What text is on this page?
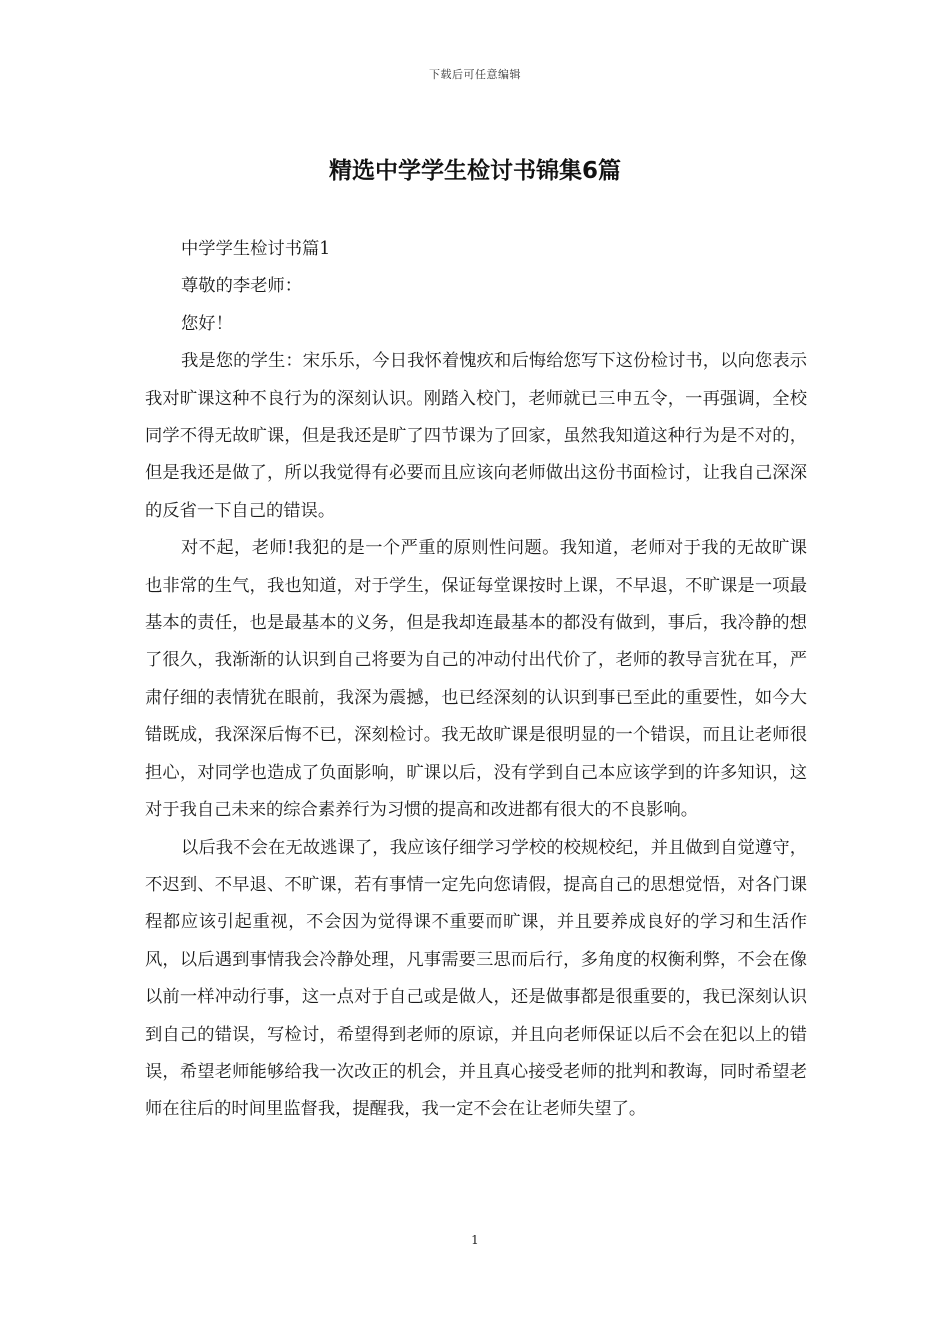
下载后可任意编辑
精选中学学生检讨书锦集6篇

中学学生检讨书篇1

尊敬的李老师：

您好！

我是您的学生：宋乐乐，今日我怀着愧疚和后悔给您写下这份检讨书，以向您表示我对旷课这种不良行为的深刻认识。刚踏入校门，老师就已三申五令，一再强调，全校同学不得无故旷课，但是我还是旷了四节课为了回家，虽然我知道这种行为是不对的，但是我还是做了，所以我觉得有必要而且应该向老师做出这份书面检讨，让我自己深深的反省一下自己的错误。

对不起，老师!我犯的是一个严重的原则性问题。我知道，老师对于我的无故旷课也非常的生气，我也知道，对于学生，保证每堂课按时上课，不早退，不旷课是一项最基本的责任，也是最基本的义务，但是我却连最基本的都没有做到，事后，我冷静的想了很久，我渐渐的认识到自己将要为自己的冲动付出代价了，老师的教导言犹在耳，严肃仔细的表情犹在眼前，我深为震撼，也已经深刻的认识到事已至此的重要性，如今大错既成，我深深后悔不已，深刻检讨。我无故旷课是很明显的一个错误，而且让老师很担心，对同学也造成了负面影响，旷课以后，没有学到自己本应该学到的许多知识，这对于我自己未来的综合素养行为习惯的提高和改进都有很大的不良影响。

以后我不会在无故逃课了，我应该仔细学习学校的校规校纪，并且做到自觉遵守，不迟到、不早退、不旷课，若有事情一定先向您请假，提高自己的思想觉悟，对各门课程都应该引起重视，不会因为觉得课不重要而旷课，并且要养成良好的学习和生活作风，以后遇到事情我会冷静处理，凡事需要三思而后行，多角度的权衡利弊，不会在像以前一样冲动行事，这一点对于自己或是做人，还是做事都是很重要的，我已深刻认识到自己的错误，写检讨，希望得到老师的原谅，并且向老师保证以后不会在犯以上的错误，希望老师能够给我一次改正的机会，并且真心接受老师的批判和教诲，同时希望老师在往后的时间里监督我，提醒我，我一定不会在让老师失望了。

1
